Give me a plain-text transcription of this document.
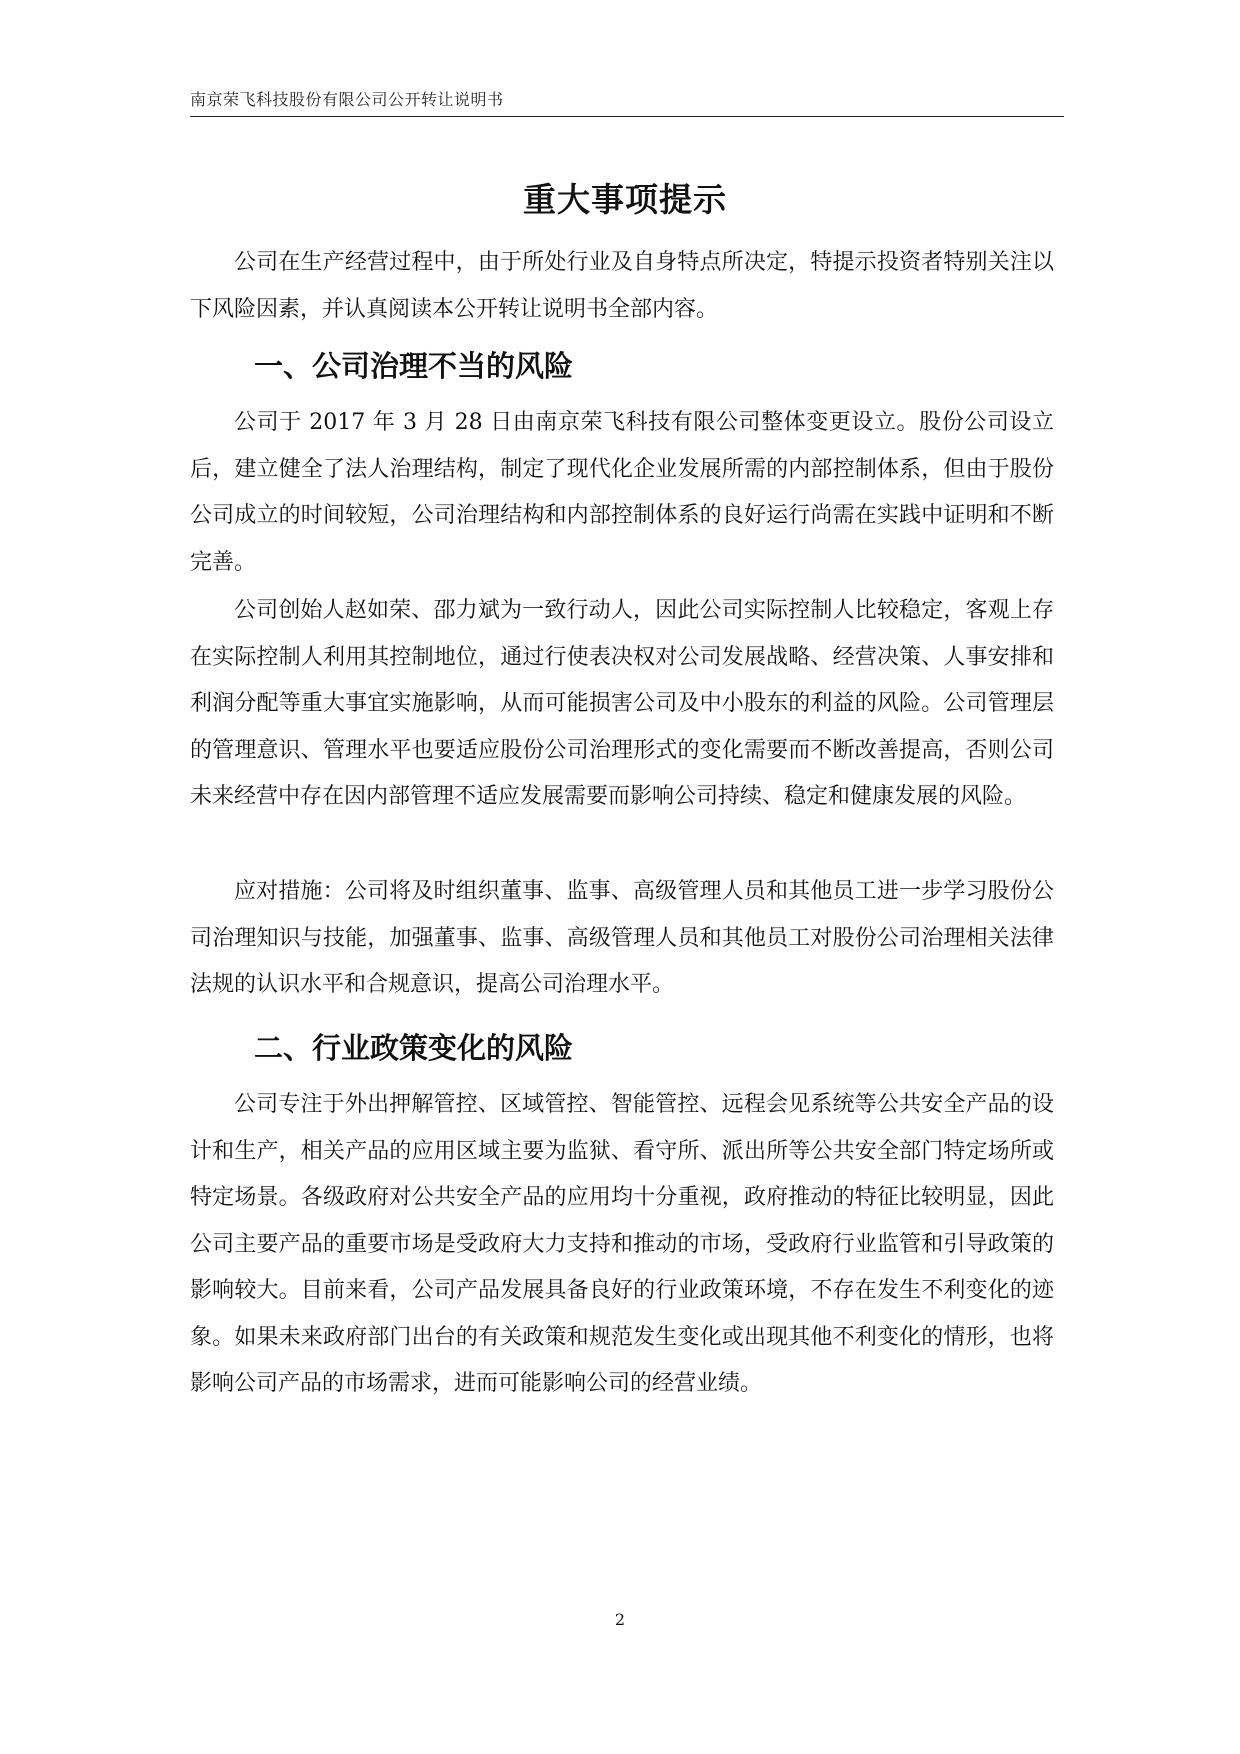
南京荣飞科技股份有限公司公开转让说明书
重大事项提示

公司在生产经营过程中，由于所处行业及自身特点所决定，特提示投资者特别关注以下风险因素，并认真阅读本公开转让说明书全部内容。

一、公司治理不当的风险

公司于 2017 年 3 月 28 日由南京荣飞科技有限公司整体变更设立。股份公司设立后，建立健全了法人治理结构，制定了现代化企业发展所需的内部控制体系，但由于股份公司成立的时间较短，公司治理结构和内部控制体系的良好运行尚需在实践中证明和不断完善。

公司创始人赵如荣、邵力斌为一致行动人，因此公司实际控制人比较稳定，客观上存在实际控制人利用其控制地位，通过行使表决权对公司发展战略、经营决策、人事安排和利润分配等重大事宜实施影响，从而可能损害公司及中小股东的利益的风险。公司管理层的管理意识、管理水平也要适应股份公司治理形式的变化需要而不断改善提高，否则公司未来经营中存在因内部管理不适应发展需要而影响公司持续、稳定和健康发展的风险。

应对措施：公司将及时组织董事、监事、高级管理人员和其他员工进一步学习股份公司治理知识与技能，加强董事、监事、高级管理人员和其他员工对股份公司治理相关法律法规的认识水平和合规意识，提高公司治理水平。

二、行业政策变化的风险

公司专注于外出押解管控、区域管控、智能管控、远程会见系统等公共安全产品的设计和生产，相关产品的应用区域主要为监狱、看守所、派出所等公共安全部门特定场所或特定场景。各级政府对公共安全产品的应用均十分重视，政府推动的特征比较明显，因此公司主要产品的重要市场是受政府大力支持和推动的市场，受政府行业监管和引导政策的影响较大。目前来看，公司产品发展具备良好的行业政策环境，不存在发生不利变化的迹象。如果未来政府部门出台的有关政策和规范发生变化或出现其他不利变化的情形，也将影响公司产品的市场需求，进而可能影响公司的经营业绩。

2
